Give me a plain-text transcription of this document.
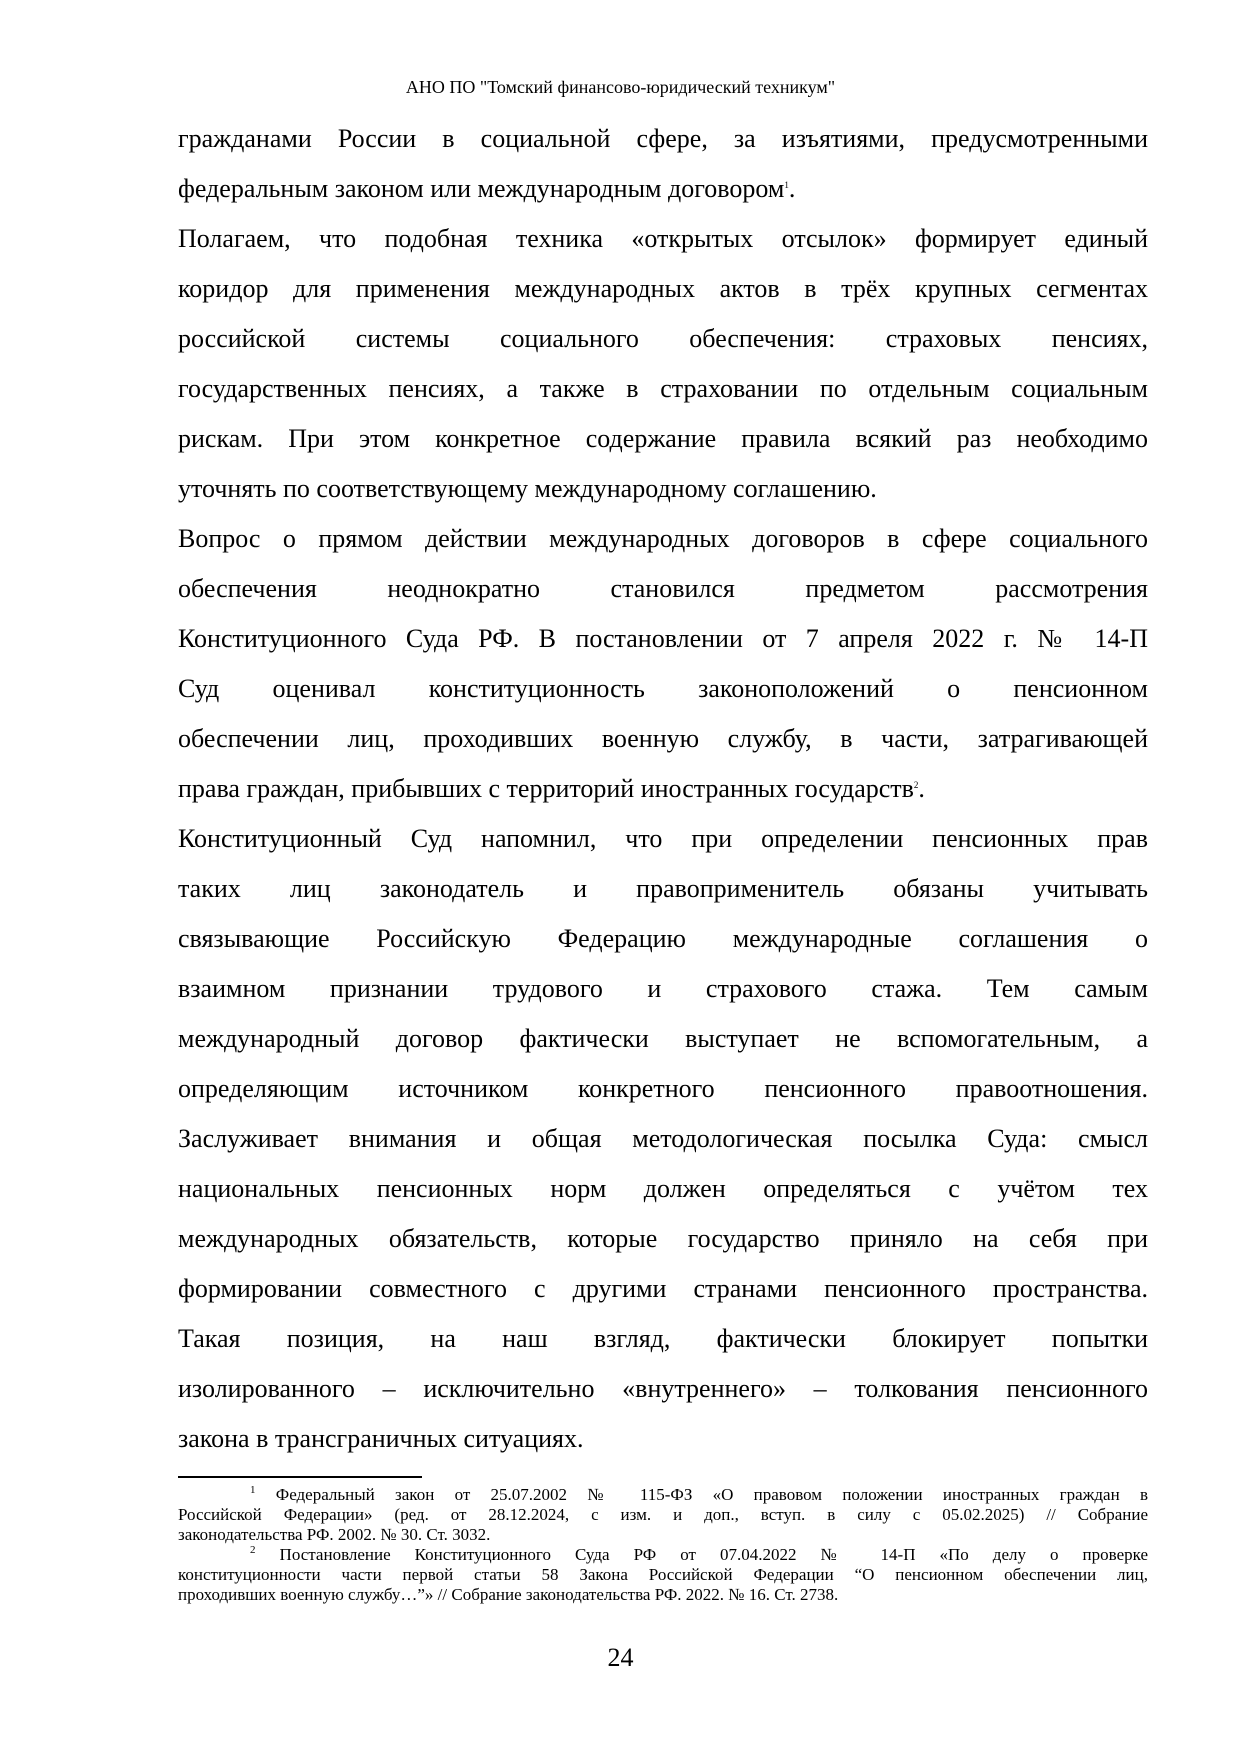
АНО ПО "Томский финансово-юридический техникум"
гражданами России в социальной сфере, за изъятиями, предусмотренными
федеральным законом или международным договором$^1$.
Полагаем, что подобная техника «открытых отсылок» формирует единый
коридор для применения международных актов в трёх крупных сегментах
российской системы социального обеспечения: страховых пенсиях,
государственных пенсиях, а также в страховании по отдельным социальным
рискам. При этом конкретное содержание правила всякий раз необходимо
уточнять по соответствующему международному соглашению.
Вопрос о прямом действии международных договоров в сфере социального
обеспечения неоднократно становился предметом рассмотрения
Конституционного Суда РФ. В постановлении от 7 апреля 2022 г. № 14-П
Суд оценивал конституционность законоположений о пенсионном
обеспечении лиц, проходивших военную службу, в части, затрагивающей
права граждан, прибывших с территорий иностранных государств$^2$.
Конституционный Суд напомнил, что при определении пенсионных прав
таких лиц законодатель и правоприменитель обязаны учитывать
связывающие Российскую Федерацию международные соглашения о
взаимном признании трудового и страхового стажа. Тем самым
международный договор фактически выступает не вспомогательным, а
определяющим источником конкретного пенсионного правоотношения.
Заслуживает внимания и общая методологическая посылка Суда: смысл
национальных пенсионных норм должен определяться с учётом тех
международных обязательств, которые государство приняло на себя при
формировании совместного с другими странами пенсионного пространства.
Такая позиция, на наш взгляд, фактически блокирует попытки
изолированного – исключительно «внутреннего» – толкования пенсионного
закона в трансграничных ситуациях.
$^1$ Федеральный закон от 25.07.2002 № 115-ФЗ «О правовом положении иностранных граждан в
Российской Федерации» (ред. от 28.12.2024, с изм. и доп., вступ. в силу с 05.02.2025) // Собрание
законодательства РФ. 2002. № 30. Ст. 3032.
$^2$ Постановление Конституционного Суда РФ от 07.04.2022 № 14-П «По делу о проверке
конституционности части первой статьи 58 Закона Российской Федерации “О пенсионном обеспечении лиц,
проходивших военную службу…”» // Собрание законодательства РФ. 2022. № 16. Ст. 2738.
24
